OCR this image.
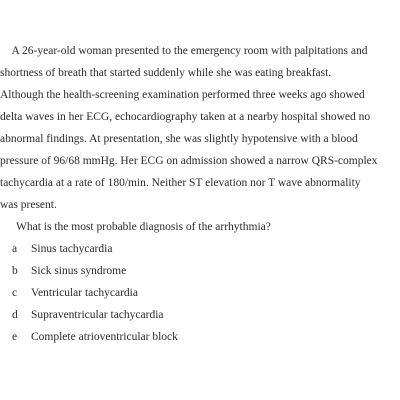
　A 26-year-old woman presented to the emergency room with palpitations and
shortness of breath that started suddenly while she was eating breakfast.
Although the health-screening examination performed three weeks ago showed
delta waves in her ECG, echocardiography taken at a nearby hospital showed no
abnormal findings. At presentation, she was slightly hypotensive with a blood
pressure of 96/68 mmHg. Her ECG on admission showed a narrow QRS-complex
tachycardia at a rate of 180/min. Neither ST elevation nor T wave abnormality
was present.
What is the most probable diagnosis of the arrhythmia?
a	Sinus tachycardia
b	Sick sinus syndrome
c	Ventricular tachycardia
d	Supraventricular tachycardia
e	Complete atrioventricular block
